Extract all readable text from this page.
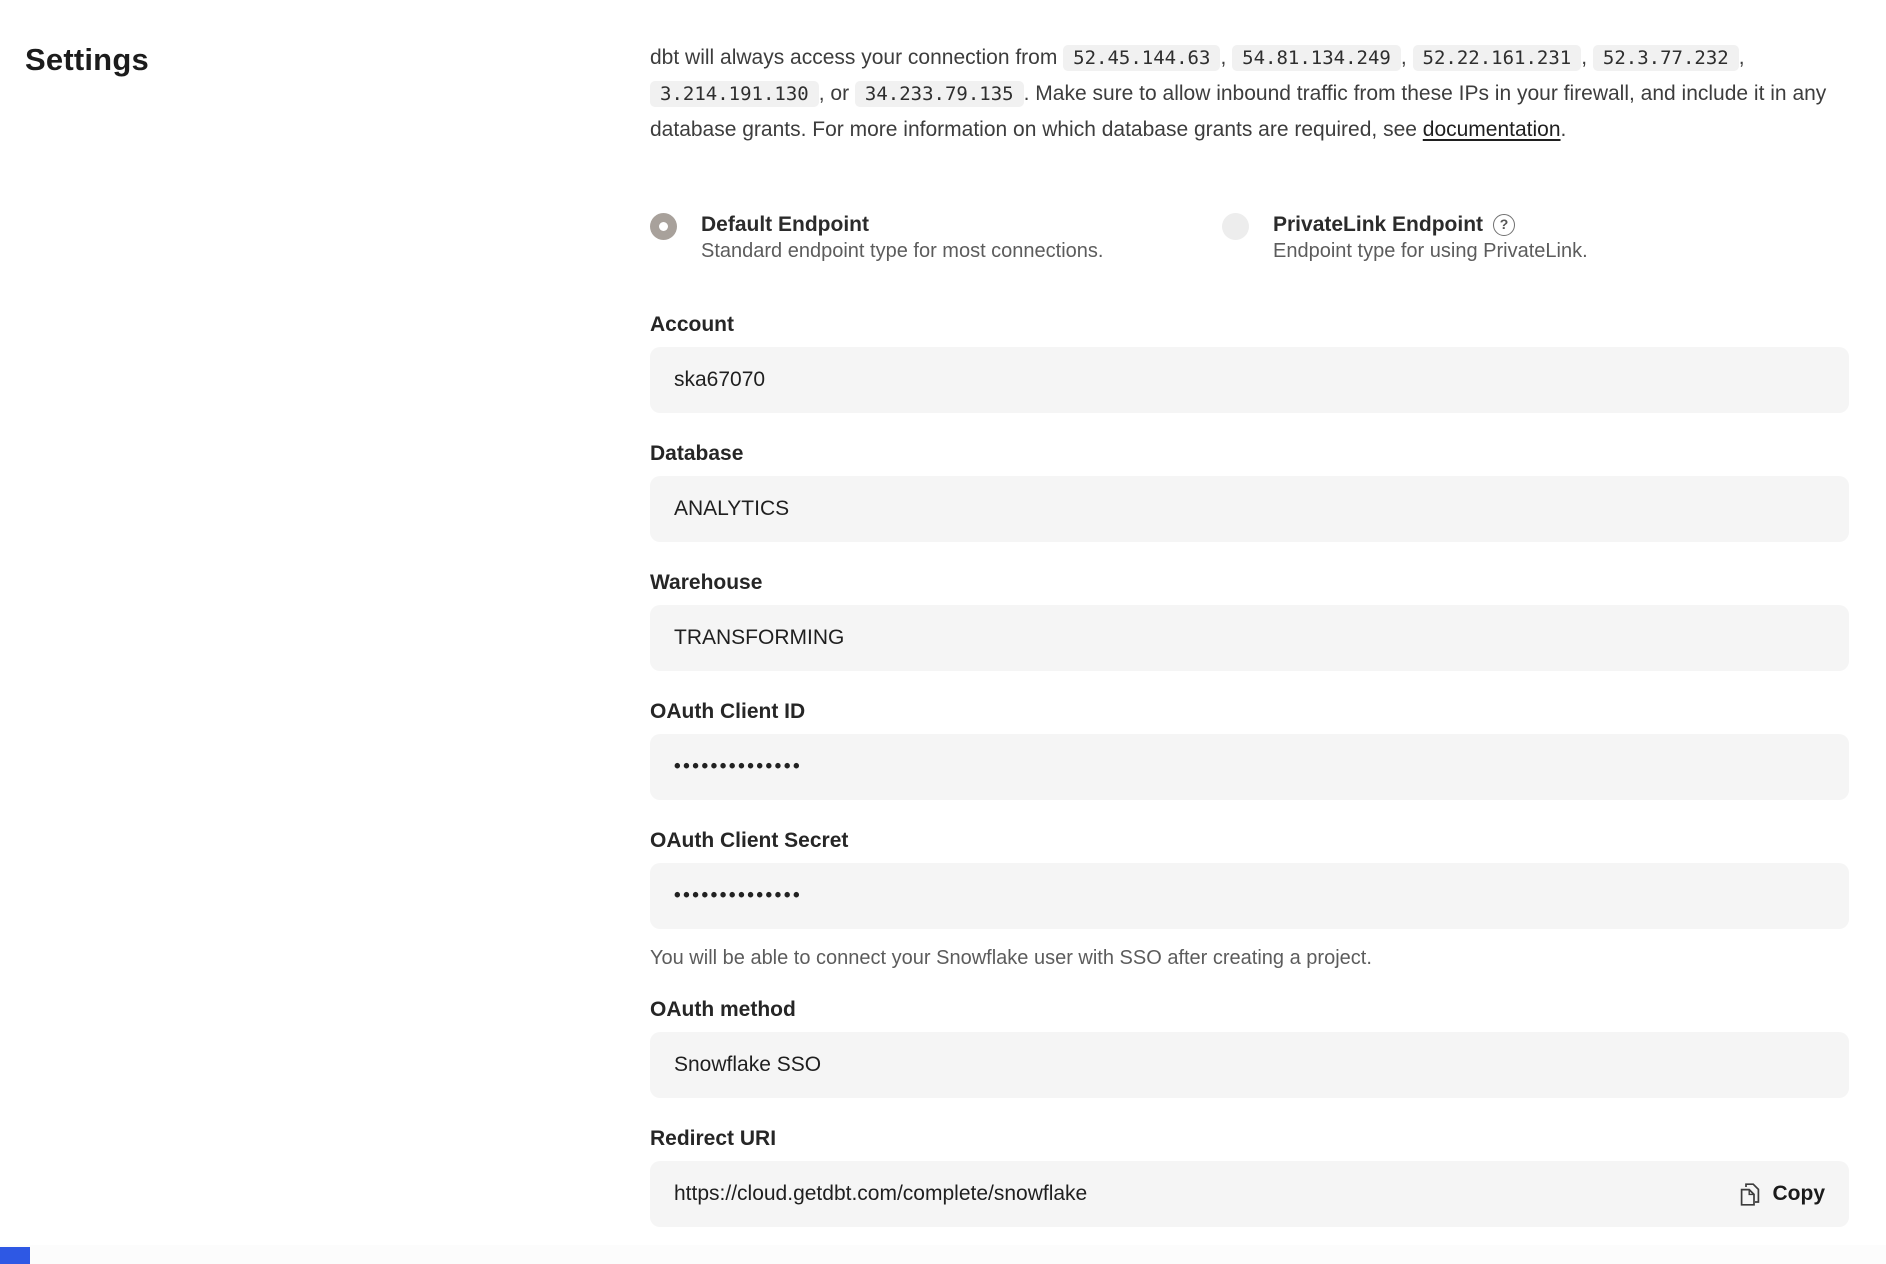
Settings	dbt will always access your connection from 52.45.144.63 , 54.81.134.249 , 52.22.161.231 , 52.3.77.232 , 3.214.191.130 , or 34.233.79.135 . Make sure to allow inbound traffic from these IPs in your firewall, and include it in any database grants. For more information on which database grants are required, see documentation.

Default Endpoint
Standard endpoint type for most connections.
PrivateLink Endpoint	?
Endpoint type for using PrivateLink.
Account
ska67070
Database
ANALYTICS
Warehouse
TRANSFORMING
OAuth Client ID
••••••••••••••
OAuth Client Secret
••••••••••••••

You will be able to connect your Snowflake user with SSO after creating a project.

OAuth method
Snowflake SSO
Redirect URI
https://cloud.getdbt.com/complete/snowflake	Copy
